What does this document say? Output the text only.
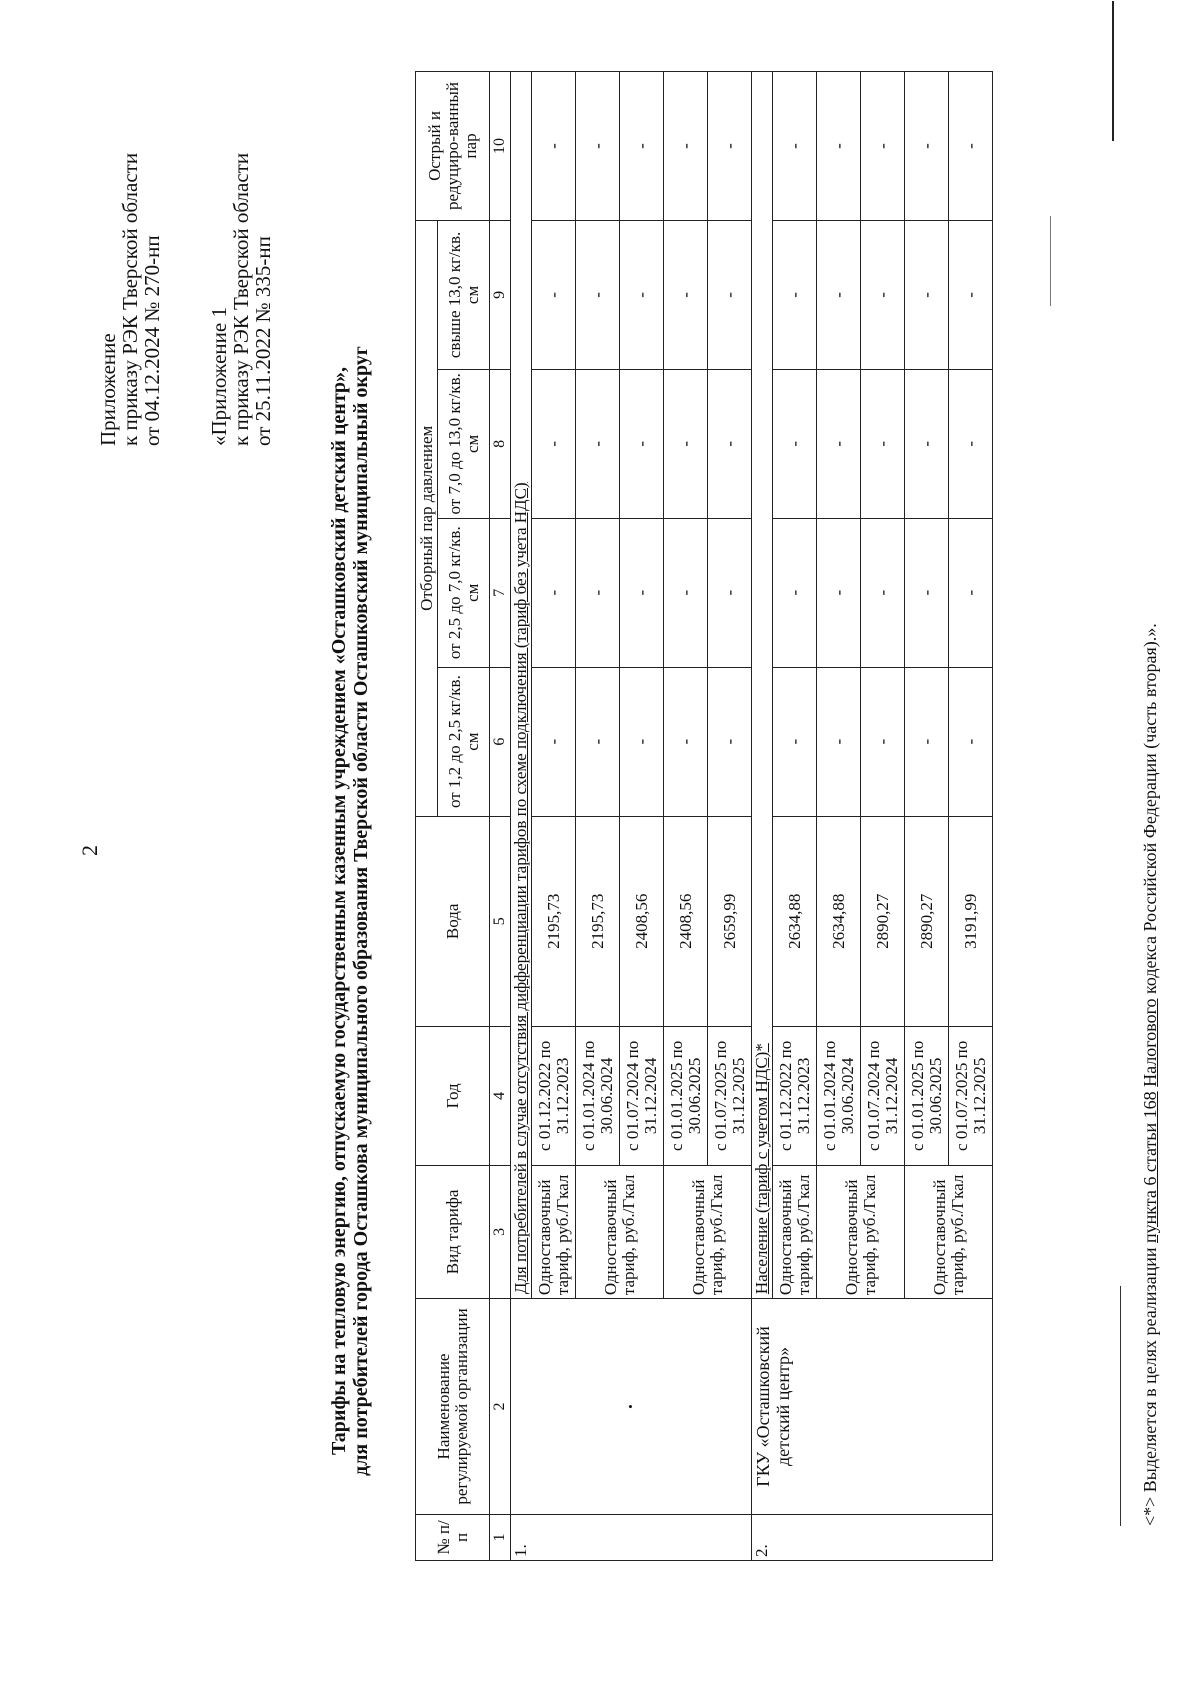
2
Приложение
к приказу РЭК Тверской области
от 04.12.2024 № 270-нп «Приложение 1
к приказу РЭК Тверской области
от 25.11.2022 № 335-нп
Тарифы на тепловую энергию, отпускаемую государственным казенным учреждением «Осташковский детский центр», для потребителей города Осташкова муниципального образования Тверской области Осташковский муниципальный округ
№ п/п	Наименование регулируемой организации	Вид тарифа	Год	Вода	Отборный пар давлением				Острый и редуциро-ванный пар
					от 1,2 до 2,5 кг/кв. см	от 2,5 до 7,0 кг/кв. см	от 7,0 до 13,0 кг/кв. см	свыше 13,0 кг/кв. см	
1	2	3	4	5	6	7	8	9	10
1.	·	Для потребителей в случае отсутствия дифференциации тарифов по схеме подключения (тариф без учета НДС)							
		Одноставочный тариф, руб./Гкал	с 01.12.2022 по 31.12.2023	2195,73	-	-	-	-	-
		Одноставочный тариф, руб./Гкал	с 01.01.2024 по 30.06.2024	2195,73	-	-	-	-	-
			с 01.07.2024 по 31.12.2024	2408,56	-	-	-	-	-
		Одноставочный тариф, руб./Гкал	с 01.01.2025 по 30.06.2025	2408,56	-	-	-	-	-
			с 01.07.2025 по 31.12.2025	2659,99	-	-	-	-	-
2.	ГКУ «Осташковский детский центр»	Население (тариф с учетом НДС)*							
		Одноставочный тариф, руб./Гкал	с 01.12.2022 по 31.12.2023	2634,88	-	-	-	-	-
		Одноставочный тариф, руб./Гкал	с 01.01.2024 по 30.06.2024	2634,88	-	-	-	-	-
			с 01.07.2024 по 31.12.2024	2890,27	-	-	-	-	-
		Одноставочный тариф, руб./Гкал	с 01.01.2025 по 30.06.2025	2890,27	-	-	-	-	-
			с 01.07.2025 по 31.12.2025	3191,99	-	-	-	-	-
<*> Выделяется в целях реализации пункта 6 статьи 168 Налогового кодекса Российской Федерации (часть вторая).».
